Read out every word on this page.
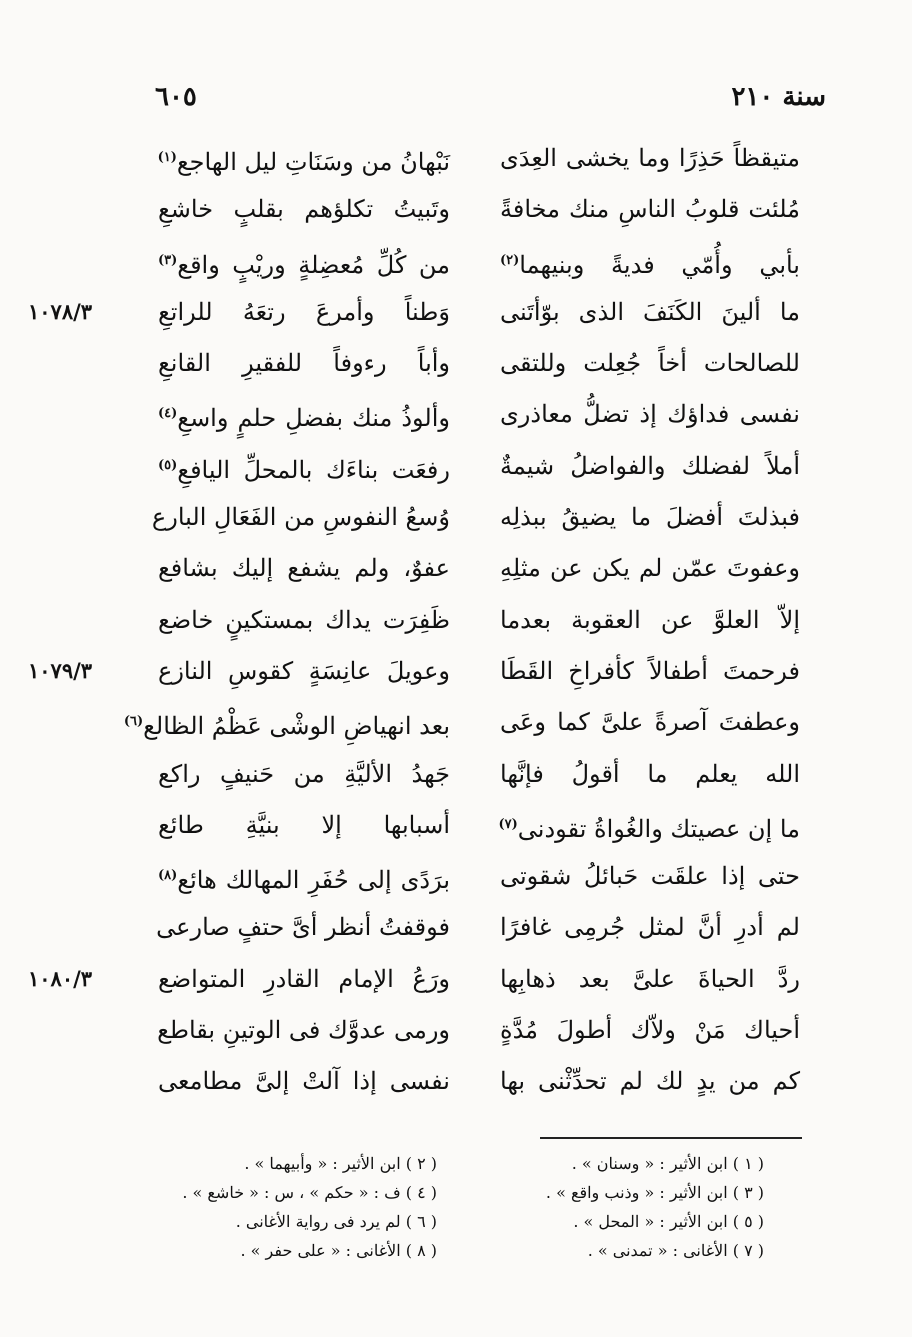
سنة ٢١٠
٦٠٥
متيقظاً حَذِرًا وما يخشى العِدَى
نَبْهانُ من وسَنَاتِ ليل الهاجع$^{(١)}$
مُلئت قلوبُ الناسِ منك مخافةً
وتَبيتُ تكلؤهم بقلبٍ خاشعِ
بأبي وأُمّي فديةً وبنيهما$^{(٢)}$
من كُلِّ مُعضِلةٍ وريْبٍ واقع$^{(٣)}$
ما ألينَ الكَنَفَ الذى بوّأتَنى
وَطناً وأمرعَ رتعَهُ للراتعِ
١٠٧٨/٣
للصالحات أخاً جُعِلت وللتقى
وأباً رءوفاً للفقيرِ القانعِ
نفسى فداؤك إذ تضلُّ معاذرى
وألوذُ منك بفضلِ حلمٍ واسعِ$^{(٤)}$
أملاً لفضلك والفواضلُ شيمةٌ
رفعَت بناءَك بالمحلِّ اليافعِ$^{(٥)}$
فبذلتَ أفضلَ ما يضيقُ ببذلِه
وُسعُ النفوسِ من الفَعَالِ البارع
وعفوتَ عمّن لم يكن عن مثلِهِ
عفوٌ، ولم يشفع إليك بشافع
إلاّ العلوَّ عن العقوبة بعدما
ظَفِرَت يداك بمستكينٍ خاضع
فرحمتَ أطفالاً كأفراخِ القَطَا
وعويلَ عانِسَةٍ كقوسِ النازع
١٠٧٩/٣
وعطفتَ آصرةً علىَّ كما وعَى
بعد انهياضِ الوشْى عَظْمُ الظالع$^{(٦)}$
الله يعلم ما أقولُ فإنَّها
جَهدُ الأليَّةِ من حَنيفٍ راكع
ما إن عصيتك والغُواةُ تقودنى$^{(٧)}$
أسبابها إلا بنيَّةِ طائع
حتى إذا علقَت حَبائلُ شقوتى
برَدًى إلى حُفَرِ المهالك هائع$^{(٨)}$
لم أدرِ أنَّ لمثل جُرمِى غافرًا
فوقفتُ أنظر أىَّ حتفٍ صارعى
ردَّ الحياةَ علىَّ بعد ذهابِها
ورَعُ الإمام القادرِ المتواضع
١٠٨٠/٣
أحياك مَنْ ولاّك أطولَ مُدَّةٍ
ورمى عدوَّك فى الوتينِ بقاطع
كم من يدٍ لك لم تحدِّثْنى بها
نفسى إذا آلتْ إلىَّ مطامعى
( ١ ) ابن الأثير : « وسنان » .
( ٢ ) ابن الأثير : « وأبيهما » .
( ٣ ) ابن الأثير : « وذنب واقع » .
( ٤ ) ف : « حكم » ، س : « خاشع » .
( ٥ ) ابن الأثير : « المحل » .
( ٦ ) لم يرد فى رواية الأغانى .
( ٧ ) الأغانى : « تمدنى » .
( ٨ ) الأغانى : « على حفر » .
